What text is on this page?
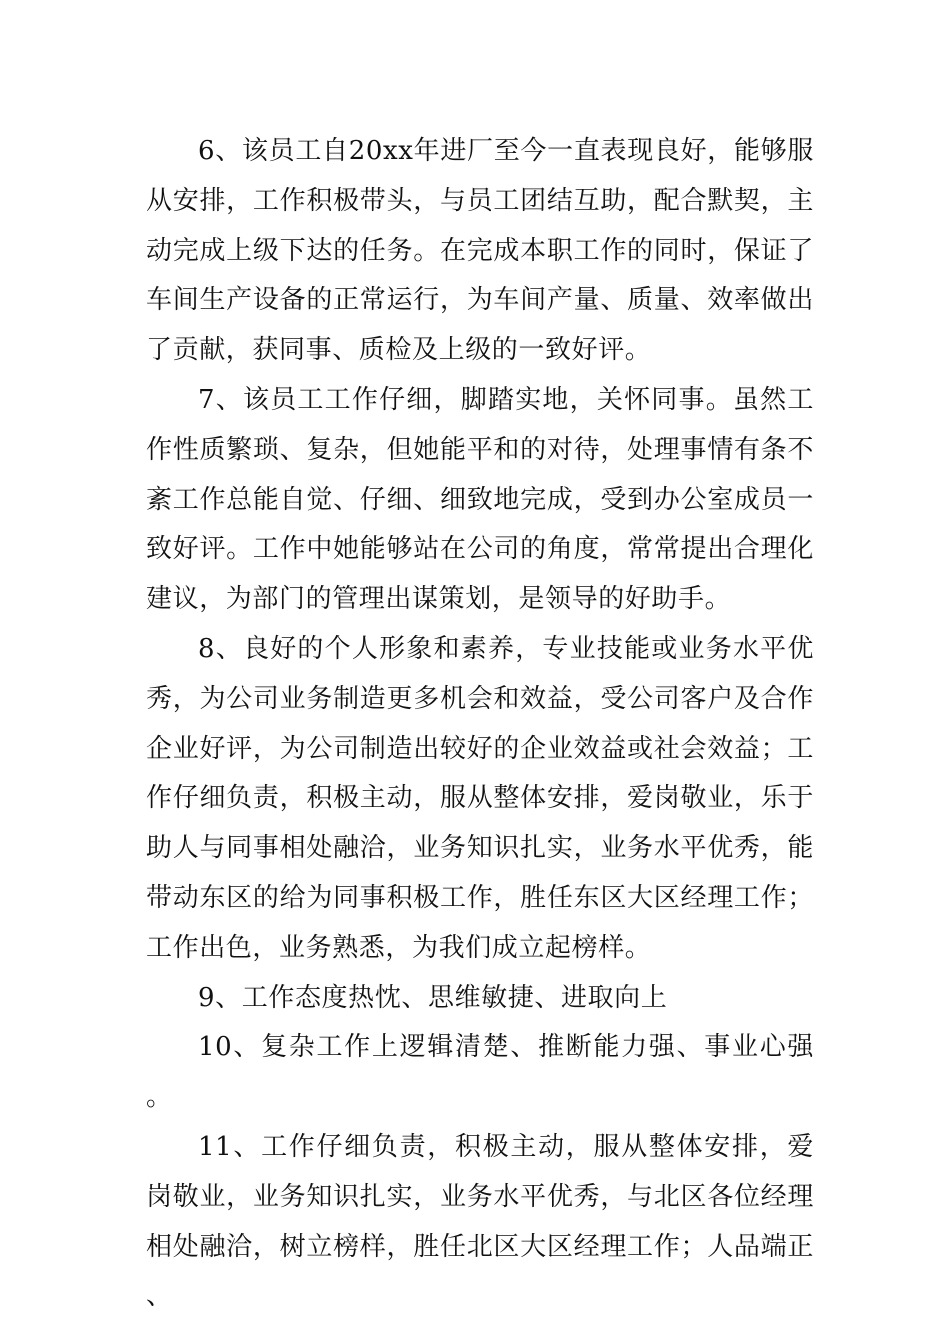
6、该员工自20xx年进厂至今一直表现良好，能够服从安排，工作积极带头，与员工团结互助，配合默契，主动完成上级下达的任务。在完成本职工作的同时，保证了车间生产设备的正常运行，为车间产量、质量、效率做出了贡献，获同事、质检及上级的一致好评。

7、该员工工作仔细，脚踏实地，关怀同事。虽然工作性质繁琐、复杂，但她能平和的对待，处理事情有条不紊工作总能自觉、仔细、细致地完成，受到办公室成员一致好评。工作中她能够站在公司的角度，常常提出合理化建议，为部门的管理出谋策划，是领导的好助手。

8、良好的个人形象和素养，专业技能或业务水平优秀，为公司业务制造更多机会和效益，受公司客户及合作企业好评，为公司制造出较好的企业效益或社会效益；工作仔细负责，积极主动，服从整体安排，爱岗敬业，乐于助人与同事相处融洽，业务知识扎实，业务水平优秀，能带动东区的给为同事积极工作，胜任东区大区经理工作；工作出色，业务熟悉，为我们成立起榜样。

9、工作态度热忱、思维敏捷、进取向上

10、复杂工作上逻辑清楚、推断能力强、事业心强。

11、工作仔细负责，积极主动，服从整体安排，爱岗敬业，业务知识扎实，业务水平优秀，与北区各位经理相处融洽，树立榜样，胜任北区大区经理工作；人品端正、
